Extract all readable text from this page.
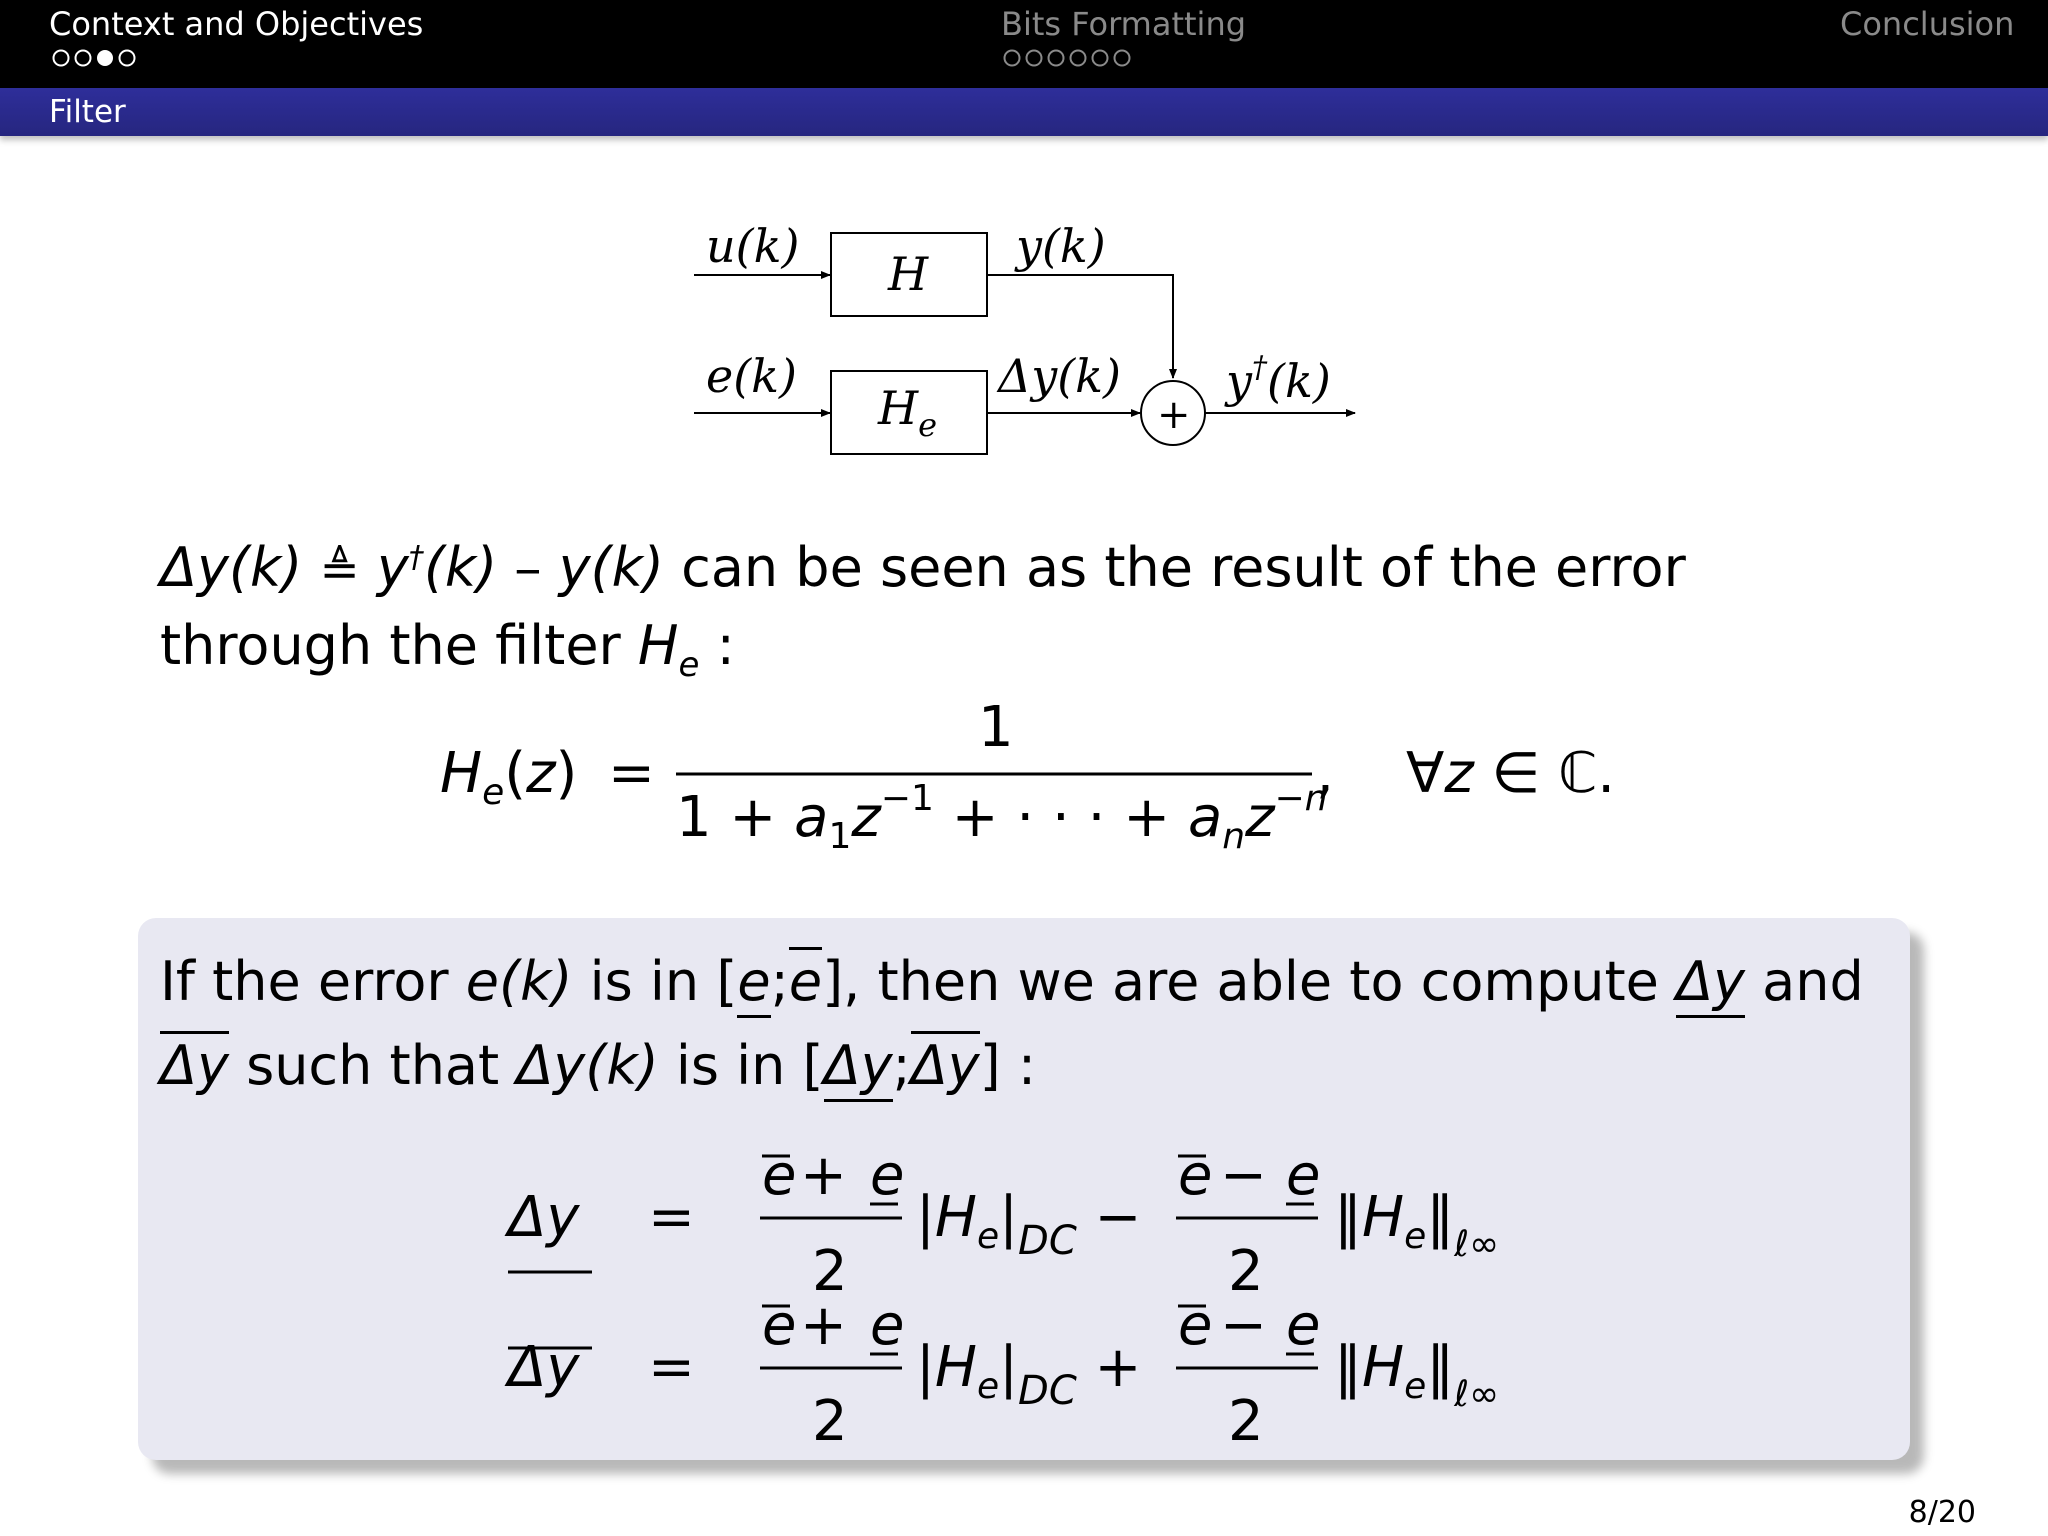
Context and Objectives	Bits Formatting	Conclusion
Filter
u(k)
H
y(k)
e(k)
$H_e$
Δy(k)
+
y†(k)
Δy(k) ≜ y†(k) – y(k) can be seen as the result of the error
through the filter $H_e$ :
$H_e(z)$ =
1
$1 + a_1z^{-1}$ + · · · + $a_nz^{-n}$
, ∀z ∈ ℂ.
If the error e(k) is in [e;e], then we are able to compute Δy and
Δy such that Δy(k) is in [Δy;Δy] :
Δy =
e + e
2
$|H_e|_{DC}$ −
e − e
2
$‖H_e‖_{\ell\infty}$
Δy =
e + e
2
$|H_e|_{DC}$ +
e − e
2
$‖H_e‖_{\ell\infty}$
8/20
